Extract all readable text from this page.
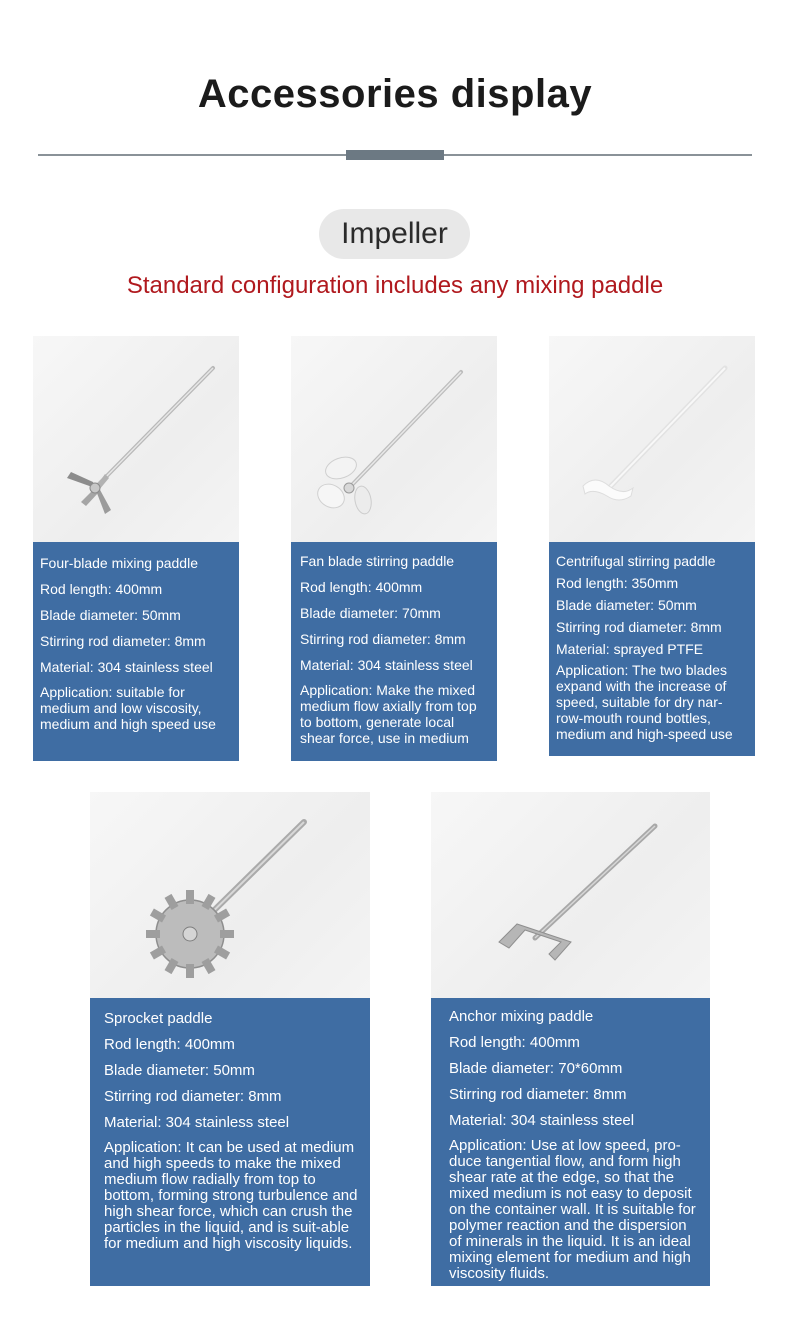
Accessories display
Impeller
Standard configuration includes any mixing paddle
Four-blade mixing paddle
Rod length: 400mm
Blade diameter: 50mm
Stirring rod diameter: 8mm
Material: 304 stainless steel
Application: suitable for medium and low viscosity, medium and high speed use
Fan blade stirring paddle
Rod length: 400mm
Blade diameter: 70mm
Stirring rod diameter: 8mm
Material: 304 stainless steel
Application: Make the mixed medium flow axially from top to bottom, generate local shear force, use in medium
Centrifugal stirring paddle
Rod length: 350mm
Blade diameter: 50mm
Stirring rod diameter: 8mm
Material: sprayed PTFE
Application: The two blades expand with the increase of speed, suitable for dry nar-row-mouth round bottles, medium and high-speed use
Sprocket paddle
Rod length: 400mm
Blade diameter: 50mm
Stirring rod diameter: 8mm
Material: 304 stainless steel
Application: It can be used at medium and high speeds to make the mixed medium flow radially from top to bottom, forming strong turbulence and high shear force, which can crush the particles in the liquid, and is suit-able for medium and high viscosity liquids.
Anchor mixing paddle
Rod length: 400mm
Blade diameter: 70*60mm
Stirring rod diameter: 8mm
Material: 304 stainless steel
Application: Use at low speed, pro-duce tangential flow, and form high shear rate at the edge, so that the mixed medium is not easy to deposit on the container wall. It is suitable for polymer reaction and the dispersion of minerals in the liquid. It is an ideal mixing element for medium and high viscosity fluids.
